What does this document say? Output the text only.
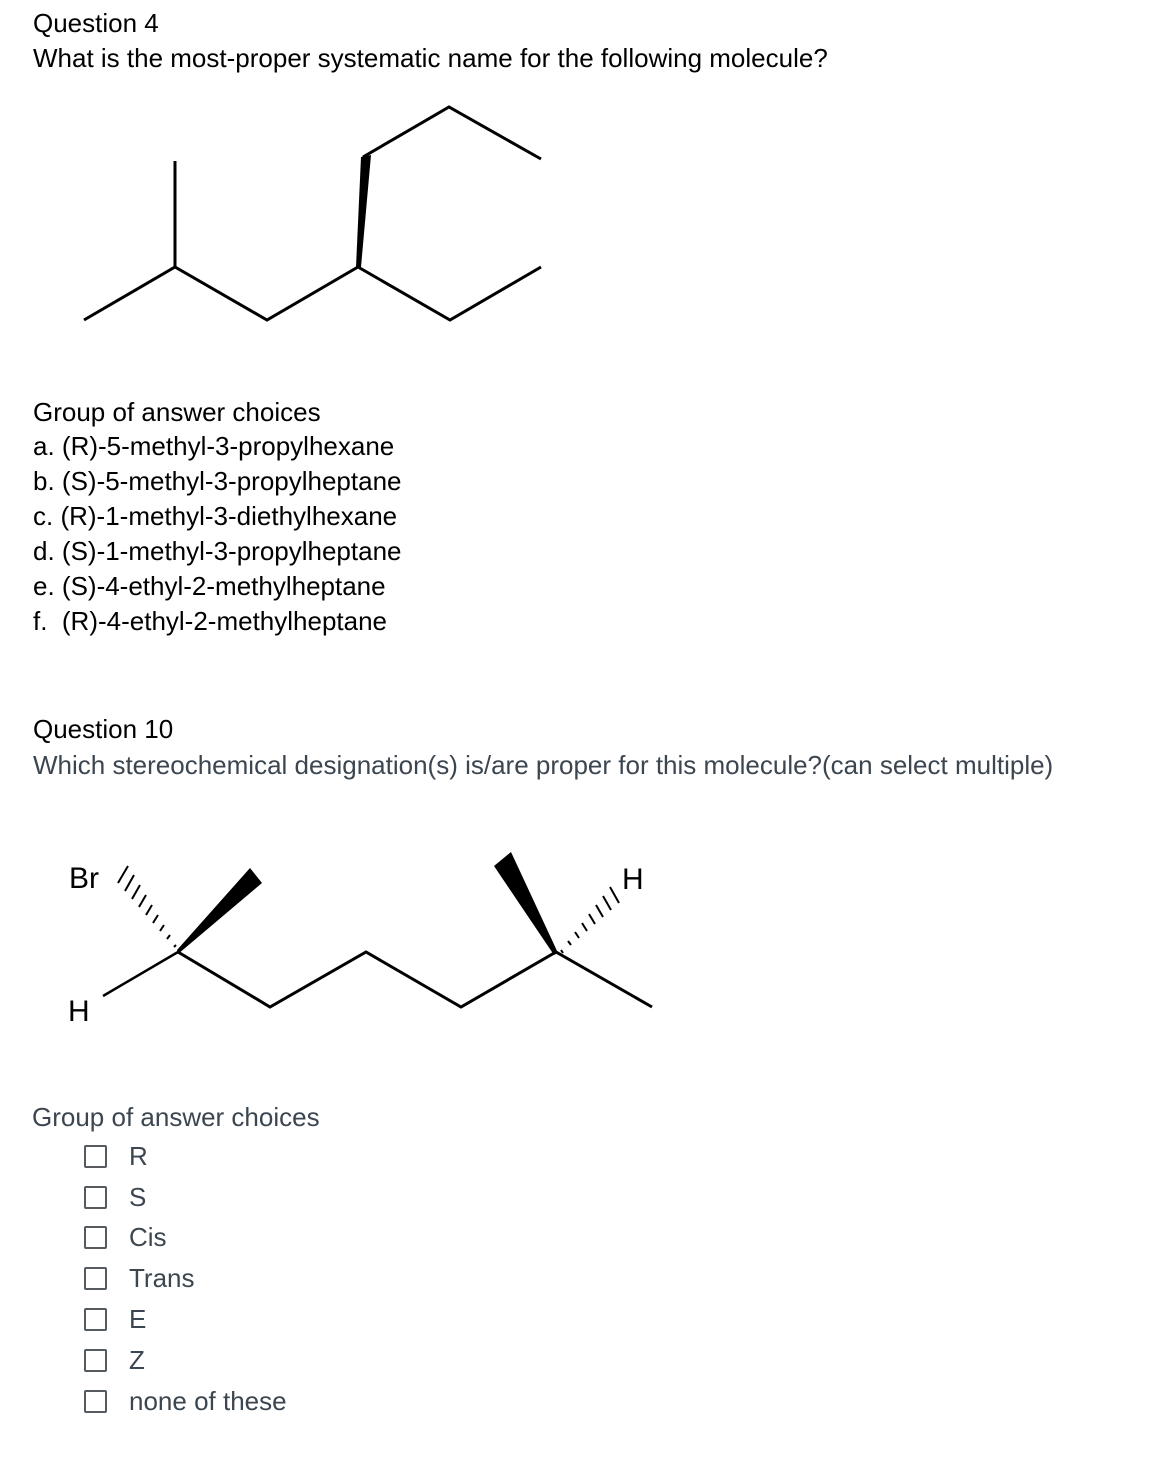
Question 4
What is the most-proper systematic name for the following molecule?
Group of answer choices
a. (R)-5-methyl-3-propylhexane
b. (S)-5-methyl-3-propylheptane
c. (R)-1-methyl-3-diethylhexane
d. (S)-1-methyl-3-propylheptane
e. (S)-4-ethyl-2-methylheptane
f.  (R)-4-ethyl-2-methylheptane
Question 10
Which stereochemical designation(s) is/are proper for this molecule?(can select multiple)
Br
H
H
Group of answer choices
R
S
Cis
Trans
E
Z
none of these
